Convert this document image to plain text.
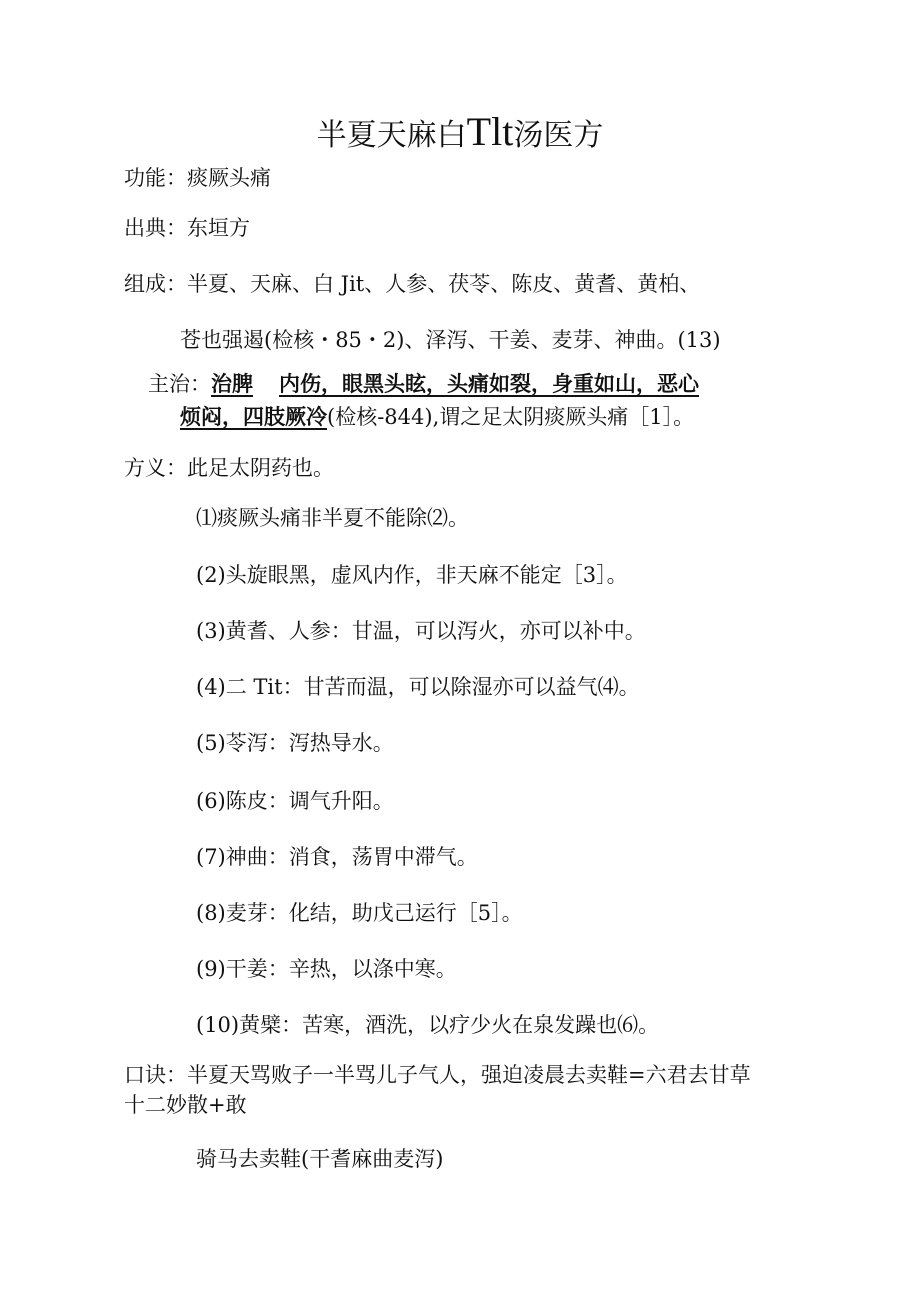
半夏天麻白Tlt汤医方
功能：痰厥头痛
出典：东垣方
组成：半夏、天麻、白 Jit、人参、茯苓、陈皮、黄耆、黄柏、
苍也强遏(检核・85・2)、泽泻、干姜、麦芽、神曲。(13)
主治：治脾 内伤，眼黑头眩，头痛如裂，身重如山，恶心
烦闷，四肢厥冷(检核-844),谓之足太阴痰厥头痛［1］。
方义：此足太阴药也。
⑴痰厥头痛非半夏不能除⑵。
(2)头旋眼黑，虚风内作，非天麻不能定［3］。
(3)黄耆、人参：甘温，可以泻火，亦可以补中。
(4)二 Tit：甘苦而温，可以除湿亦可以益气⑷。
(5)苓泻：泻热导水。
(6)陈皮：调气升阳。
(7)神曲：消食，荡胃中滞气。
(8)麦芽：化结，助戊己运行［5］。
(9)干姜：辛热，以涤中寒。
(10)黄檗：苦寒，酒洗，以疗少火在泉发躁也⑹。
口诀：半夏天骂败子一半骂儿子气人，强迫凌晨去卖鞋=六君去甘草
十二妙散+敢
骑马去卖鞋(干耆麻曲麦泻)
